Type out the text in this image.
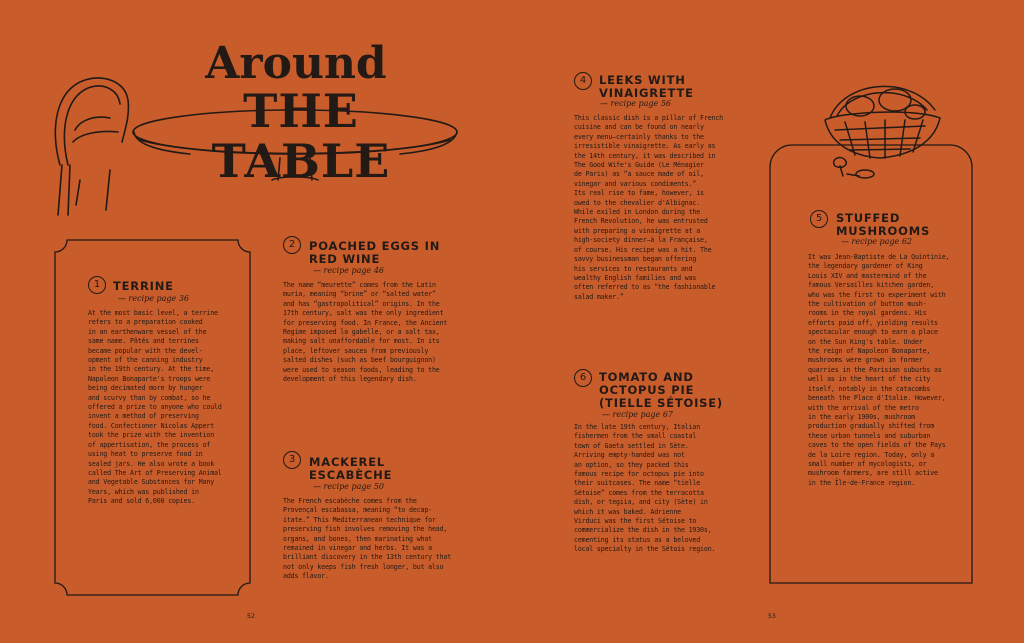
Around
THE TABLE
1	TERRINE
— recipe page 36
At the most basic level, a terrine
refers to a preparation cooked
in an earthenware vessel of the
same name. Pâtés and terrines
became popular with the devel-
opment of the canning industry
in the 19th century. At the time,
Napoleon Bonaparte's troops were
being decimated more by hunger
and scurvy than by combat, so he
offered a prize to anyone who could
invent a method of preserving
food. Confectioner Nicolas Appert
took the prize with the invention
of appertisation, the process of
using heat to preserve food in
sealed jars. He also wrote a book
called The Art of Preserving Animal
and Vegetable Substances for Many
Years, which was published in
Paris and sold 6,000 copies.
2	POACHED EGGS IN
RED WINE
— recipe page 46
The name “meurette” comes from the Latin
muria, meaning “brine” or “salted water”
and has “gastropolitical” origins. In the
17th century, salt was the only ingredient
for preserving food. In France, the Ancient
Regime imposed la gabelle, or a salt tax,
making salt unaffordable for most. In its
place, leftover sauces from previously
salted dishes (such as beef bourguignon)
were used to season foods, leading to the
development of this legendary dish.
3	MACKEREL
ESCABÈCHE
— recipe page 50
The French escabèche comes from the
Provençal escabassa, meaning “to decap-
itate.” This Mediterranean technique for
preserving fish involves removing the head,
organs, and bones, then marinating what
remained in vinegar and herbs. It was a
brilliant discovery in the 13th century that
not only keeps fish fresh longer, but also
adds flavor.
4	LEEKS WITH
VINAIGRETTE
— recipe page 56
This classic dish is a pillar of French
cuisine and can be found on nearly
every menu—certainly thanks to the
irresistible vinaigrette. As early as
the 14th century, it was described in
The Good Wife's Guide (Le Ménagier
de Paris) as “a sauce made of oil,
vinegar and various condiments.”
Its real rise to fame, however, is
owed to the chevalier d'Albignac.
While exiled in London during the
French Revolution, he was entrusted
with preparing a vinaigrette at a
high-society dinner—à la Française,
of course. His recipe was a hit. The
savvy businessman began offering
his services to restaurants and
wealthy English families and was
often referred to as “the fashionable
salad maker.”
6	TOMATO AND
OCTOPUS PIE
(TIELLE SÉTOISE)
— recipe page 67
In the late 19th century, Italian
fishermen from the small coastal
town of Gaeta settled in Sète.
Arriving empty-handed was not
an option, so they packed this
famous recipe for octopus pie into
their suitcases. The name “tielle
Sétoise” comes from the terracotta
dish, or tegiia, and city (Sète) in
which it was baked. Adrienne
Virduci was the first Sétoise to
commercialize the dish in the 1930s,
cementing its status as a beloved
local specialty in the Sétois region.
5	STUFFED
MUSHROOMS
— recipe page 62
It was Jean-Baptiste de La Quintinie,
the legendary gardener of King
Louis XIV and mastermind of the
famous Versailles kitchen garden,
who was the first to experiment with
the cultivation of button mush-
rooms in the royal gardens. His
efforts paid off, yielding results
spectacular enough to earn a place
on the Sun King's table. Under
the reign of Napoleon Bonaparte,
mushrooms were grown in former
quarries in the Parisian suburbs as
well as in the heart of the city
itself, notably in the catacombs
beneath the Place d'Italie. However,
with the arrival of the metro
in the early 1900s, mushroom
production gradually shifted from
these urban tunnels and suburban
caves to the open fields of the Pays
de la Loire region. Today, only a
small number of mycologists, or
mushroom farmers, are still active
in the Île-de-France region.
52	53
